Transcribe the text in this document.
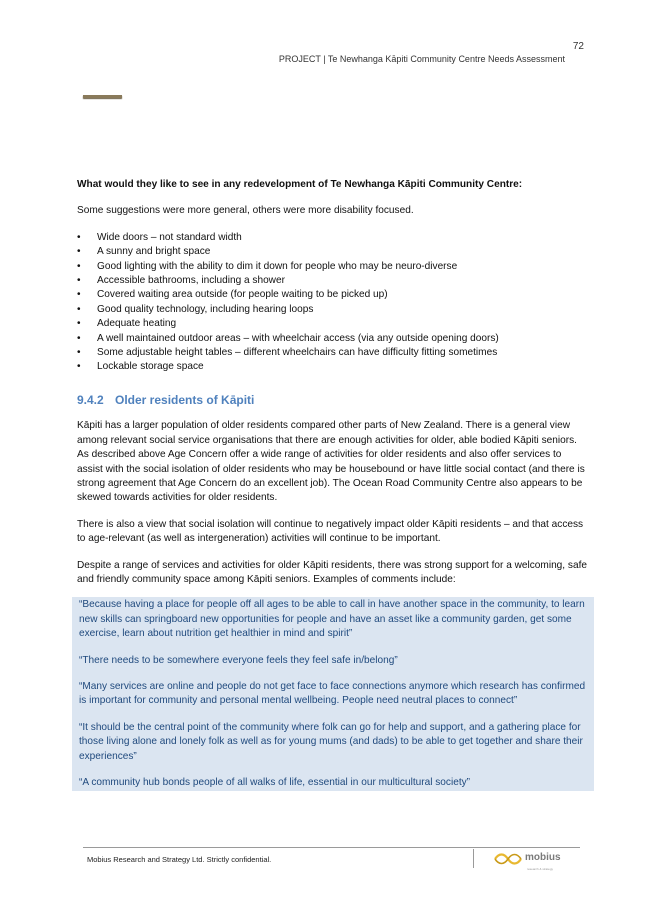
72
PROJECT | Te Newhanga Kāpiti Community Centre Needs Assessment
What would they like to see in any redevelopment of Te Newhanga Kāpiti Community Centre:

Some suggestions were more general, others were more disability focused.

• Wide doors – not standard width
• A sunny and bright space
• Good lighting with the ability to dim it down for people who may be neuro-diverse
• Accessible bathrooms, including a shower
• Covered waiting area outside (for people waiting to be picked up)
• Good quality technology, including hearing loops
• Adequate heating
• A well maintained outdoor areas – with wheelchair access (via any outside opening doors)
• Some adjustable height tables – different wheelchairs can have difficulty fitting sometimes
• Lockable storage space
9.4.2 Older residents of Kāpiti

Kāpiti has a larger population of older residents compared other parts of New Zealand. There is a general view among relevant social service organisations that there are enough activities for older, able bodied Kāpiti seniors. As described above Age Concern offer a wide range of activities for older residents and also offer services to assist with the social isolation of older residents who may be housebound or have little social contact (and there is strong agreement that Age Concern do an excellent job). The Ocean Road Community Centre also appears to be skewed towards activities for older residents.

There is also a view that social isolation will continue to negatively impact older Kāpiti residents – and that access to age-relevant (as well as intergeneration) activities will continue to be important.

Despite a range of services and activities for older Kāpiti residents, there was strong support for a welcoming, safe and friendly community space among Kāpiti seniors. Examples of comments include:

“Because having a place for people off all ages to be able to call in have another space in the community, to learn new skills can springboard new opportunities for people and have an asset like a community garden, get some exercise, learn about nutrition get healthier in mind and spirit”

“There needs to be somewhere everyone feels they feel safe in/belong”

“Many services are online and people do not get face to face connections anymore which research has confirmed is important for community and personal mental wellbeing. People need neutral places to connect”

“It should be the central point of the community where folk can go for help and support, and a gathering place for those living alone and lonely folk as well as for young mums (and dads) to be able to get together and share their experiences”

“A community hub bonds people of all walks of life, essential in our multicultural society”

Mobius Research and Strategy Ltd. Strictly confidential.	mobius
research & strategy
